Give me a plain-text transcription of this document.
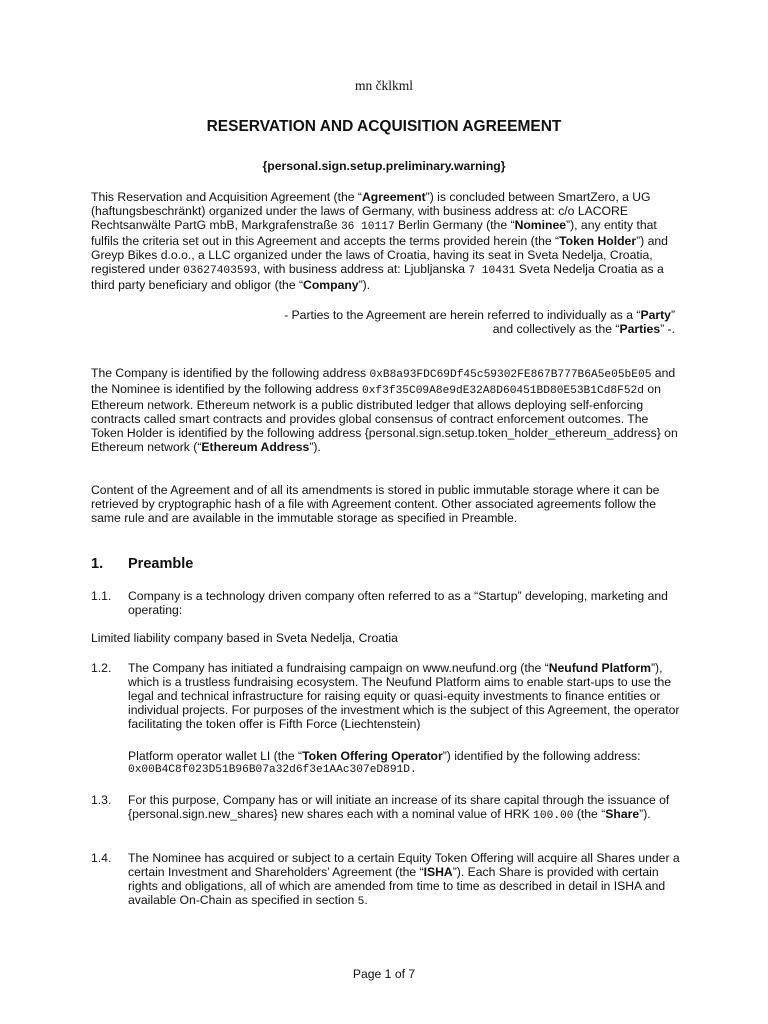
mn čklkml
RESERVATION AND ACQUISITION AGREEMENT
{personal.sign.setup.preliminary.warning}
This Reservation and Acquisition Agreement (the “Agreement”) is concluded between SmartZero, a UG (haftungsbeschränkt) organized under the laws of Germany, with business address at: c/o LACORE Rechtsanwälte PartG mbB, Markgrafenstraße 36 10117 Berlin Germany (the “Nominee”), any entity that fulfils the criteria set out in this Agreement and accepts the terms provided herein (the “Token Holder”) and Greyp Bikes d.o.o., a LLC organized under the laws of Croatia, having its seat in Sveta Nedelja, Croatia, registered under 03627403593, with business address at: Ljubljanska 7 10431 Sveta Nedelja Croatia as a third party beneficiary and obligor (the “Company”).
- Parties to the Agreement are herein referred to individually as a “Party”
and collectively as the “Parties” -.
The Company is identified by the following address 0xB8a93FDC69Df45c59302FE867B777B6A5e05bE05 and the Nominee is identified by the following address 0xf3f35C09A8e9dE32A8D60451BD80E53B1Cd8F52d on Ethereum network. Ethereum network is a public distributed ledger that allows deploying self-enforcing contracts called smart contracts and provides global consensus of contract enforcement outcomes. The Token Holder is identified by the following address {personal.sign.setup.token_holder_ethereum_address} on Ethereum network (“Ethereum Address”).
Content of the Agreement and of all its amendments is stored in public immutable storage where it can be retrieved by cryptographic hash of a file with Agreement content. Other associated agreements follow the same rule and are available in the immutable storage as specified in Preamble.
1. Preamble
1.1. Company is a technology driven company often referred to as a “Startup” developing, marketing and operating:
Limited liability company based in Sveta Nedelja, Croatia
1.2. The Company has initiated a fundraising campaign on www.neufund.org (the “Neufund Platform”), which is a trustless fundraising ecosystem. The Neufund Platform aims to enable start-ups to use the legal and technical infrastructure for raising equity or quasi-equity investments to finance entities or individual projects. For purposes of the investment which is the subject of this Agreement, the operator facilitating the token offer is Fifth Force (Liechtenstein)
Platform operator wallet LI (the “Token Offering Operator”) identified by the following address:
0x00B4C8f023D51B96B07a32d6f3e1AAc307eD891D.
1.3. For this purpose, Company has or will initiate an increase of its share capital through the issuance of {personal.sign.new_shares} new shares each with a nominal value of HRK 100.00 (the “Share”).
1.4. The Nominee has acquired or subject to a certain Equity Token Offering will acquire all Shares under a certain Investment and Shareholders’ Agreement (the “ISHA”). Each Share is provided with certain rights and obligations, all of which are amended from time to time as described in detail in ISHA and available On-Chain as specified in section 5.
Page 1 of 7
